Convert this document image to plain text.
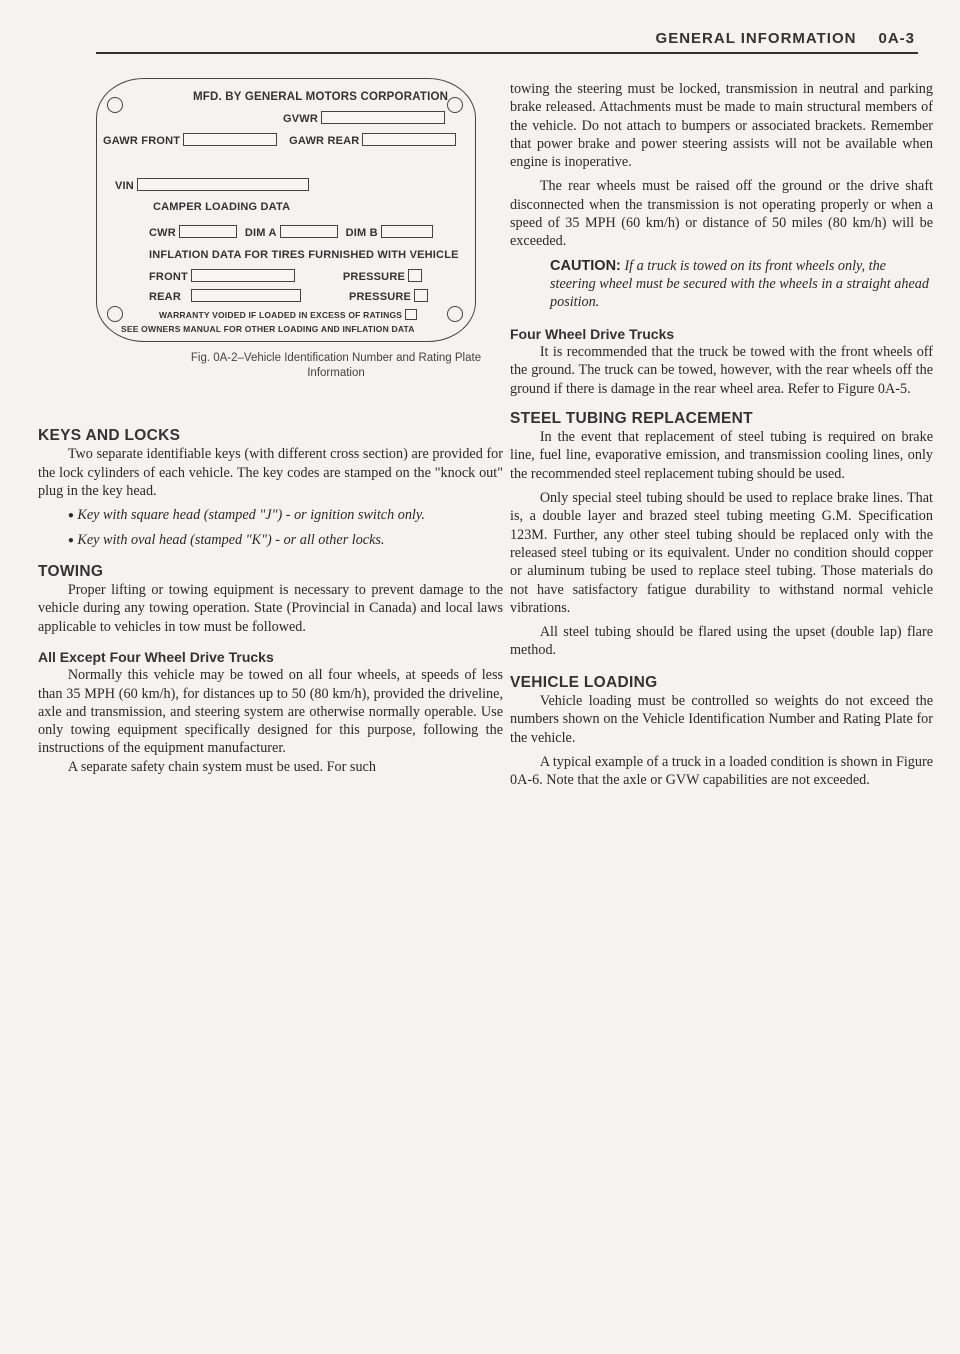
GENERAL INFORMATION 0A-3
MFD. BY GENERAL MOTORS CORPORATION
GVWR
GAWR FRONT	GAWR REAR
VIN
CAMPER LOADING DATA
CWR	DIM A	DIM B
INFLATION DATA FOR TIRES FURNISHED WITH VEHICLE
FRONT	PRESSURE
REAR	PRESSURE
WARRANTY VOIDED IF LOADED IN EXCESS OF RATINGS
SEE OWNERS MANUAL FOR OTHER LOADING AND INFLATION DATA
Fig. 0A-2–Vehicle Identification Number and Rating Plate
Information
KEYS AND LOCKS

Two separate identifiable keys (with different cross section) are provided for the lock cylinders of each vehicle. The key codes are stamped on the "knock out" plug in the key head.

● Key with square head (stamped "J") - or ignition switch only.

● Key with oval head (stamped "K") - or all other locks.

TOWING

Proper lifting or towing equipment is necessary to prevent damage to the vehicle during any towing operation. State (Provincial in Canada) and local laws applicable to vehicles in tow must be followed.

All Except Four Wheel Drive Trucks

Normally this vehicle may be towed on all four wheels, at speeds of less than 35 MPH (60 km/h), for distances up to 50 (80 km/h), provided the driveline, axle and transmission, and steering system are otherwise normally operable. Use only towing equipment specifically designed for this purpose, following the instructions of the equipment manufacturer.

A separate safety chain system must be used. For such

towing the steering must be locked, transmission in neutral and parking brake released. Attachments must be made to main structural members of the vehicle. Do not attach to bumpers or associated brackets. Remember that power brake and power steering assists will not be available when engine is inoperative.

The rear wheels must be raised off the ground or the drive shaft disconnected when the transmission is not operating properly or when a speed of 35 MPH (60 km/h) or distance of 50 miles (80 km/h) will be exceeded.

CAUTION: If a truck is towed on its front wheels only, the steering wheel must be secured with the wheels in a straight ahead position.

Four Wheel Drive Trucks

It is recommended that the truck be towed with the front wheels off the ground. The truck can be towed, however, with the rear wheels off the ground if there is damage in the rear wheel area. Refer to Figure 0A-5.

STEEL TUBING REPLACEMENT

In the event that replacement of steel tubing is required on brake line, fuel line, evaporative emission, and transmission cooling lines, only the recommended steel replacement tubing should be used.

Only special steel tubing should be used to replace brake lines. That is, a double layer and brazed steel tubing meeting G.M. Specification 123M. Further, any other steel tubing should be replaced only with the released steel tubing or its equivalent. Under no condition should copper or aluminum tubing be used to replace steel tubing. Those materials do not have satisfactory fatigue durability to withstand normal vehicle vibrations.

All steel tubing should be flared using the upset (double lap) flare method.

VEHICLE LOADING

Vehicle loading must be controlled so weights do not exceed the numbers shown on the Vehicle Identification Number and Rating Plate for the vehicle.

A typical example of a truck in a loaded condition is shown in Figure 0A-6. Note that the axle or GVW capabilities are not exceeded.
